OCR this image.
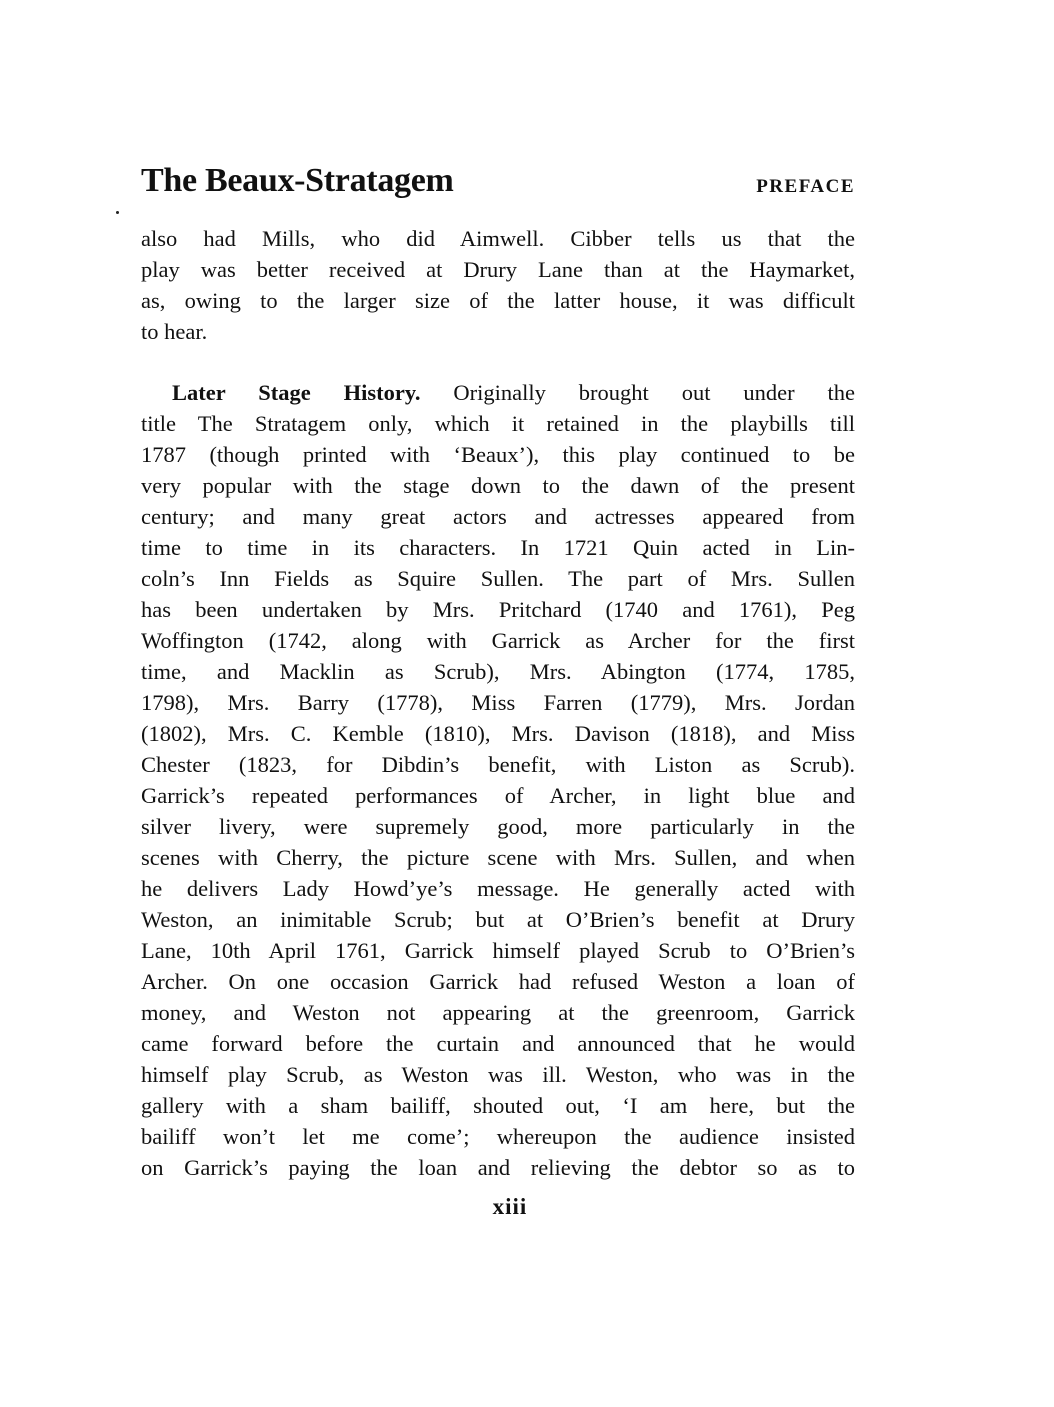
The Beaux-Stratagem	PREFACE
also had Mills, who did Aimwell. Cibber tells us that the
play was better received at Drury Lane than at the Haymarket,
as, owing to the larger size of the latter house, it was difficult
to hear.
Later Stage History. Originally brought out under the
title The Stratagem only, which it retained in the playbills till
1787 (though printed with ‘Beaux’), this play continued to be
very popular with the stage down to the dawn of the present
century; and many great actors and actresses appeared from
time to time in its characters. In 1721 Quin acted in Lin-
coln’s Inn Fields as Squire Sullen. The part of Mrs. Sullen
has been undertaken by Mrs. Pritchard (1740 and 1761), Peg
Woffington (1742, along with Garrick as Archer for the first
time, and Macklin as Scrub), Mrs. Abington (1774, 1785,
1798), Mrs. Barry (1778), Miss Farren (1779), Mrs. Jordan
(1802), Mrs. C. Kemble (1810), Mrs. Davison (1818), and Miss
Chester (1823, for Dibdin’s benefit, with Liston as Scrub).
Garrick’s repeated performances of Archer, in light blue and
silver livery, were supremely good, more particularly in the
scenes with Cherry, the picture scene with Mrs. Sullen, and when
he delivers Lady Howd’ye’s message. He generally acted with
Weston, an inimitable Scrub; but at O’Brien’s benefit at Drury
Lane, 10th April 1761, Garrick himself played Scrub to O’Brien’s
Archer. On one occasion Garrick had refused Weston a loan of
money, and Weston not appearing at the greenroom, Garrick
came forward before the curtain and announced that he would
himself play Scrub, as Weston was ill. Weston, who was in the
gallery with a sham bailiff, shouted out, ‘I am here, but the
bailiff won’t let me come’; whereupon the audience insisted
on Garrick’s paying the loan and relieving the debtor so as to
xiii
